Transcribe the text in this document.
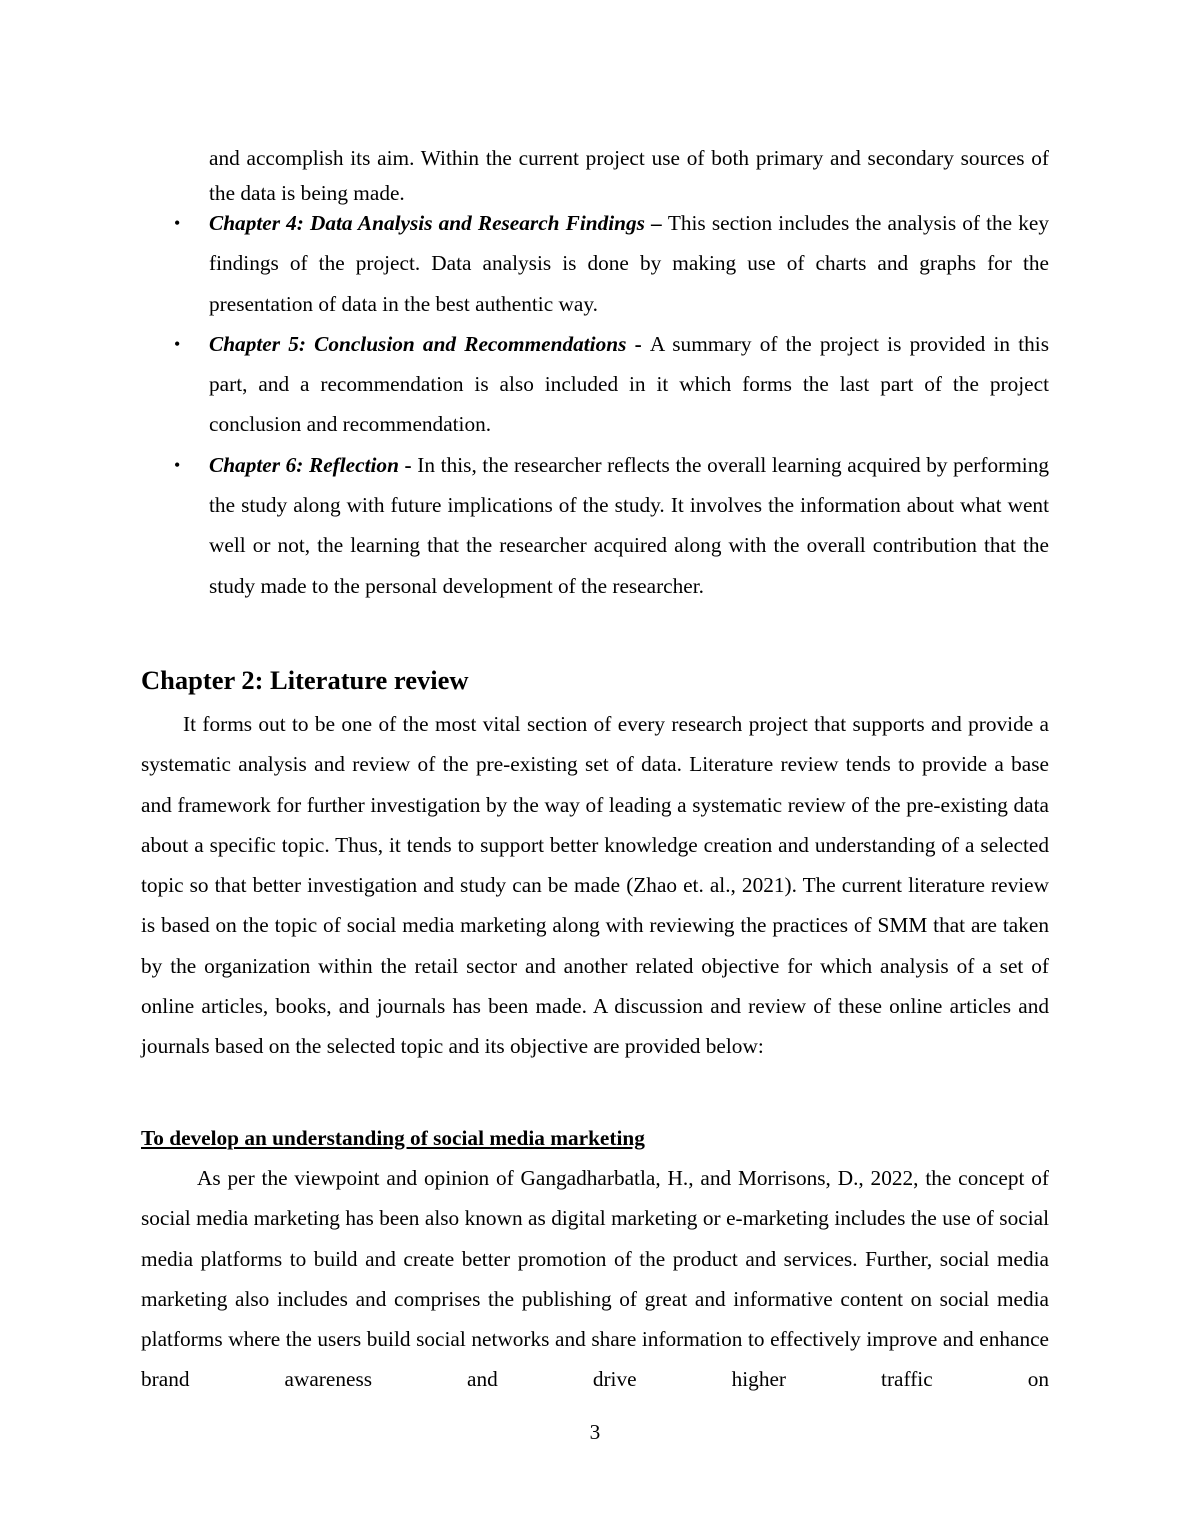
and accomplish its aim. Within the current project use of both primary and secondary sources of the data is being made.

• Chapter 4: Data Analysis and Research Findings – This section includes the analysis of the key findings of the project. Data analysis is done by making use of charts and graphs for the presentation of data in the best authentic way.
• Chapter 5: Conclusion and Recommendations - A summary of the project is provided in this part, and a recommendation is also included in it which forms the last part of the project conclusion and recommendation.
• Chapter 6: Reflection - In this, the researcher reflects the overall learning acquired by performing the study along with future implications of the study. It involves the information about what went well or not, the learning that the researcher acquired along with the overall contribution that the study made to the personal development of the researcher.
Chapter 2: Literature review

It forms out to be one of the most vital section of every research project that supports and provide a systematic analysis and review of the pre-existing set of data. Literature review tends to provide a base and framework for further investigation by the way of leading a systematic review of the pre-existing data about a specific topic. Thus, it tends to support better knowledge creation and understanding of a selected topic so that better investigation and study can be made (Zhao et. al., 2021). The current literature review is based on the topic of social media marketing along with reviewing the practices of SMM that are taken by the organization within the retail sector and another related objective for which analysis of a set of online articles, books, and journals has been made. A discussion and review of these online articles and journals based on the selected topic and its objective are provided below:

To develop an understanding of social media marketing

As per the viewpoint and opinion of Gangadharbatla, H., and Morrisons, D., 2022, the concept of social media marketing has been also known as digital marketing or e-marketing includes the use of social media platforms to build and create better promotion of the product and services. Further, social media marketing also includes and comprises the publishing of great and informative content on social media platforms where the users build social networks and share information to effectively improve and enhance brand awareness and drive higher traffic on

3
